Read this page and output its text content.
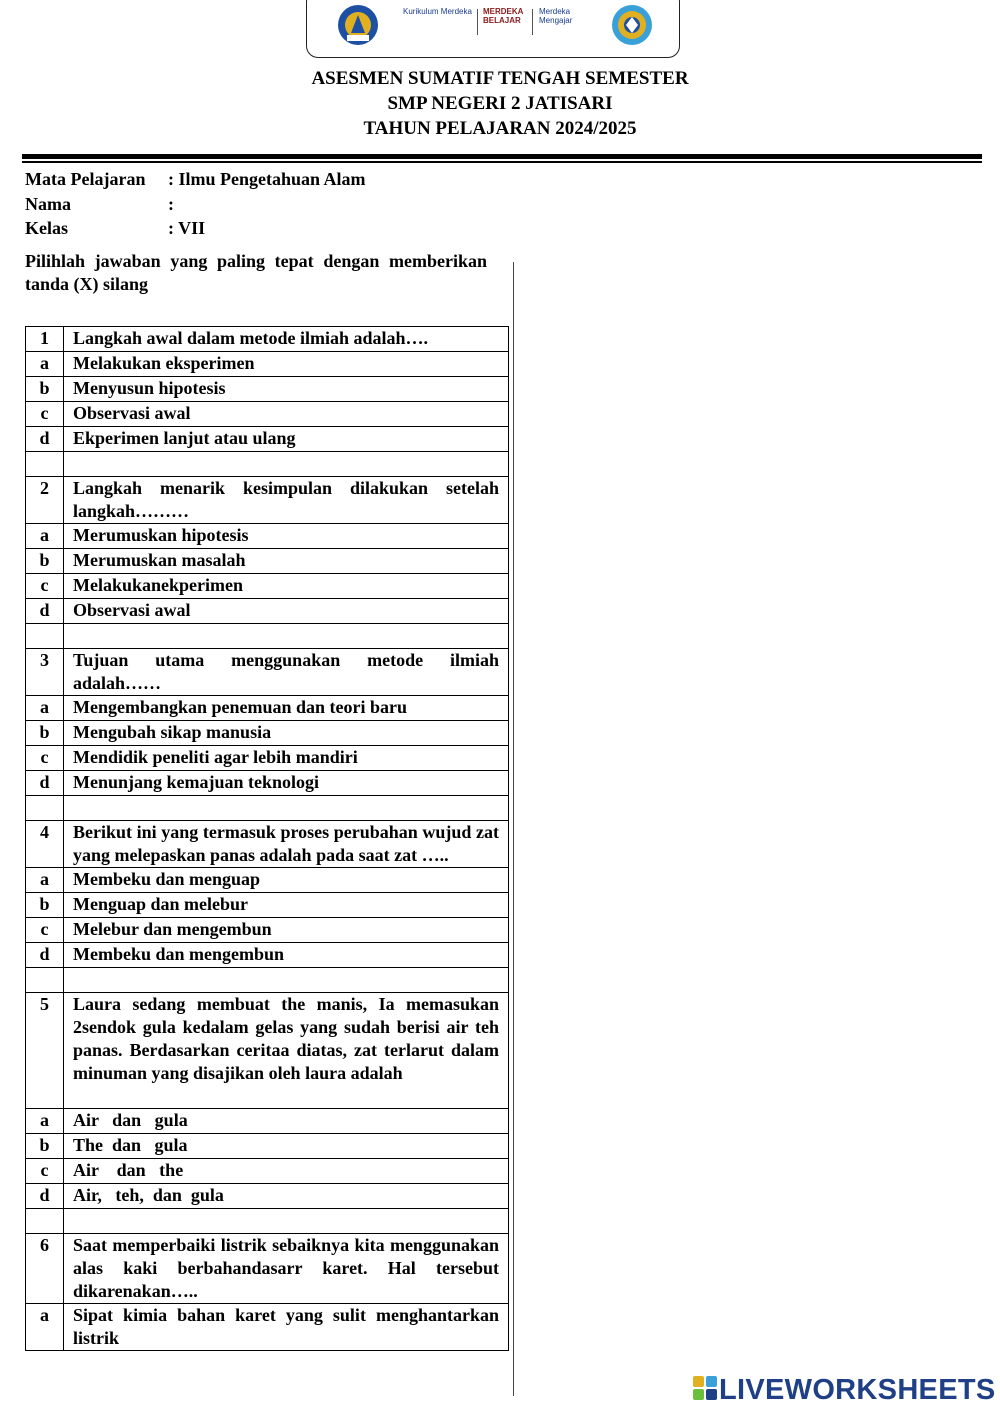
Kurikulum Merdeka MERDEKA BELAJAR
Merdeka Mengajar
ASESMEN SUMATIF TENGAH SEMESTER
SMP NEGERI 2 JATISARI
TAHUN PELAJARAN 2024/2025
Mata Pelajaran : Ilmu Pengetahuan Alam
Nama	:
Kelas	: VII
Pilihlah jawaban yang paling tepat dengan memberikan tanda (X) silang
1	Langkah awal dalam metode ilmiah adalah….
a	Melakukan eksperimen
b	Menyusun hipotesis
c	Observasi awal
d	Ekperimen lanjut atau ulang

2	Langkah menarik kesimpulan dilakukan setelah langkah………
a	Merumuskan hipotesis
b	Merumuskan masalah
c	Melakukanekperimen
d	Observasi awal

3	Tujuan utama menggunakan metode ilmiah adalah……
a	Mengembangkan penemuan dan teori baru
b	Mengubah sikap manusia
c	Mendidik peneliti agar lebih mandiri
d	Menunjang kemajuan teknologi

4	Berikut ini yang termasuk proses perubahan wujud zat yang melepaskan panas adalah pada saat zat …..
a	Membeku dan menguap
b	Menguap dan melebur
c	Melebur dan mengembun
d	Membeku dan mengembun

5	Laura sedang membuat the manis, Ia memasukan 2sendok gula kedalam gelas yang sudah berisi air teh panas. Berdasarkan ceritaa diatas, zat terlarut dalam minuman yang disajikan oleh laura adalah
a	Air   dan   gula
b	The  dan   gula
c	Air    dan   the
d	Air,   teh,  dan  gula

6	Saat memperbaiki listrik sebaiknya kita menggunakan alas kaki berbahandasarr karet. Hal tersebut dikarenakan…..
a	Sipat kimia bahan karet yang sulit menghantarkan listrik
LIVEWORKSHEETS
